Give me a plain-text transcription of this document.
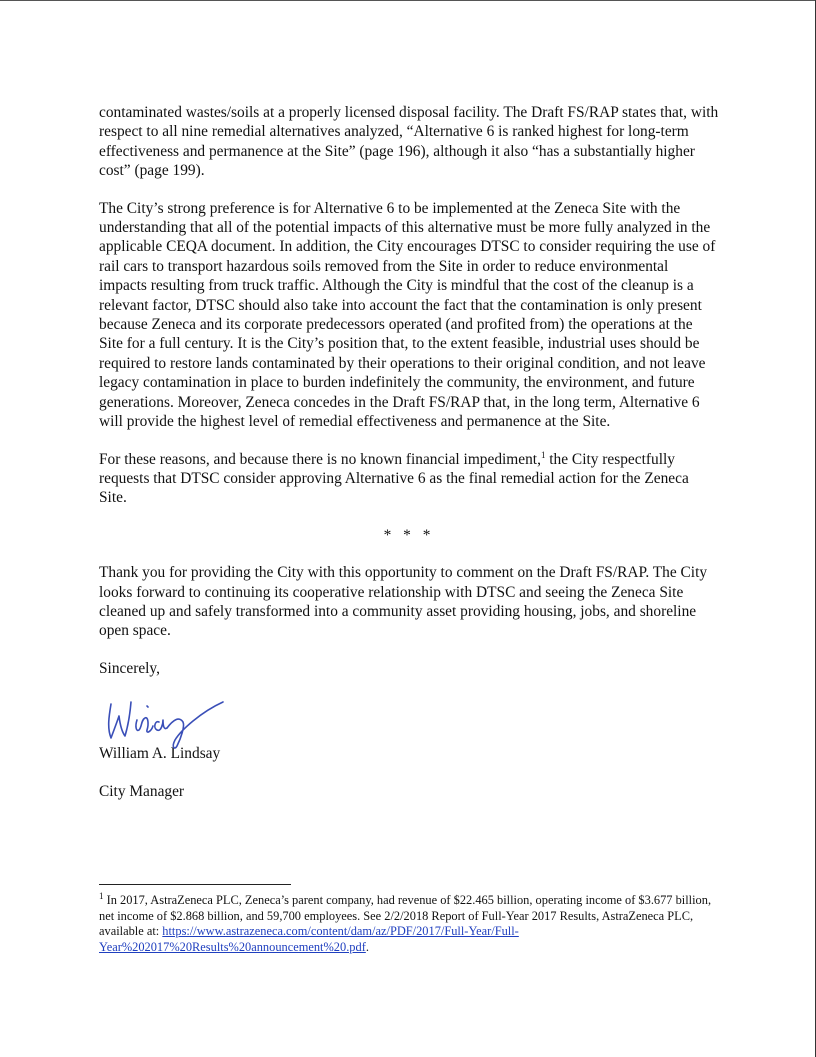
contaminated wastes/soils at a properly licensed disposal facility. The Draft FS/RAP states that, with respect to all nine remedial alternatives analyzed, “Alternative 6 is ranked highest for long-term effectiveness and permanence at the Site” (page 196), although it also “has a substantially higher cost” (page 199).

The City’s strong preference is for Alternative 6 to be implemented at the Zeneca Site with the understanding that all of the potential impacts of this alternative must be more fully analyzed in the applicable CEQA document. In addition, the City encourages DTSC to consider requiring the use of rail cars to transport hazardous soils removed from the Site in order to reduce environmental impacts resulting from truck traffic. Although the City is mindful that the cost of the cleanup is a relevant factor, DTSC should also take into account the fact that the contamination is only present because Zeneca and its corporate predecessors operated (and profited from) the operations at the Site for a full century. It is the City’s position that, to the extent feasible, industrial uses should be required to restore lands contaminated by their operations to their original condition, and not leave legacy contamination in place to burden indefinitely the community, the environment, and future generations. Moreover, Zeneca concedes in the Draft FS/RAP that, in the long term, Alternative 6 will provide the highest level of remedial effectiveness and permanence at the Site.

For these reasons, and because there is no known financial impediment,$^1$ the City respectfully requests that DTSC consider approving Alternative 6 as the final remedial action for the Zeneca Site.

* * *

Thank you for providing the City with this opportunity to comment on the Draft FS/RAP. The City looks forward to continuing its cooperative relationship with DTSC and seeing the Zeneca Site cleaned up and safely transformed into a community asset providing housing, jobs, and shoreline open space.

Sincerely,

William A. Lindsay

City Manager

$^1$ In 2017, AstraZeneca PLC, Zeneca’s parent company, had revenue of $22.465 billion, operating income of $3.677 billion, net income of $2.868 billion, and 59,700 employees. See 2/2/2018 Report of Full-Year 2017 Results, AstraZeneca PLC, available at: https://www.astrazeneca.com/content/dam/az/PDF/2017/Full-Year/Full-Year%202017%20Results%20announcement%20.pdf.
